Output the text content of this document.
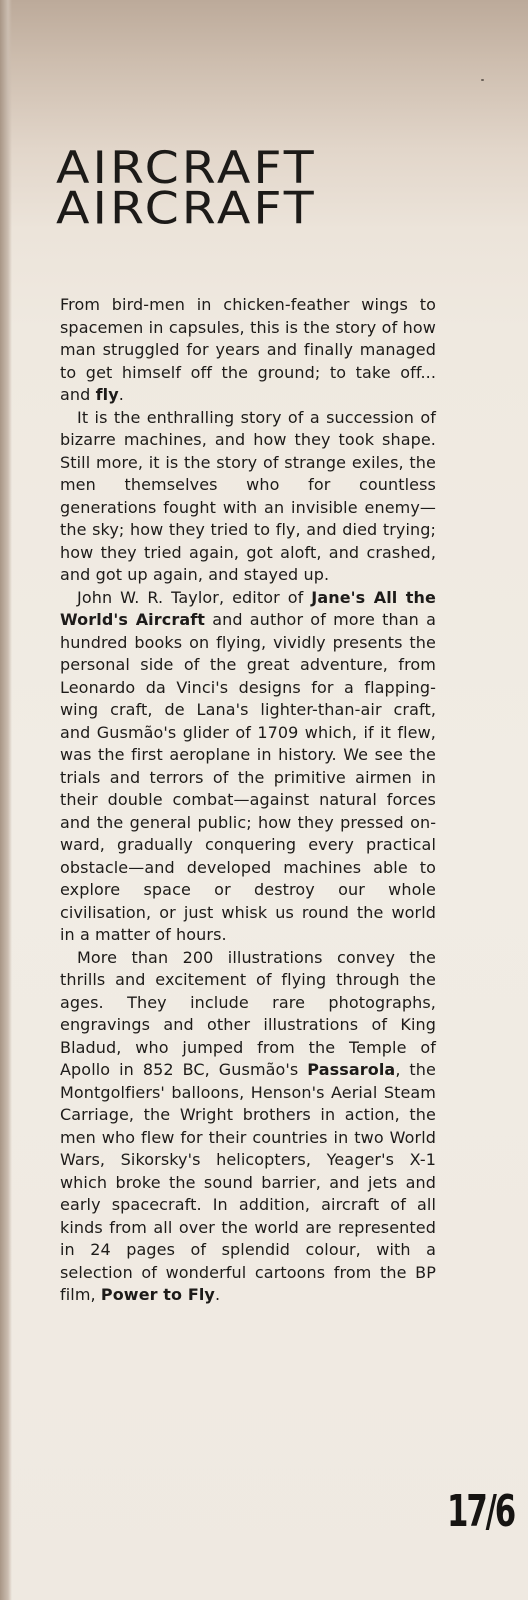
AIRCRAFT
AIRCRAFT

From bird-men in chicken-feather wings to spacemen in capsules, this is the story of how man struggled for years and finally managed to get himself off the ground; to take off... and fly.

It is the enthralling story of a succession of bizarre machines, and how they took shape. Still more, it is the story of strange exiles, the men themselves who for countless generations fought with an invisible enemy—the sky; how they tried to fly, and died trying; how they tried again, got aloft, and crashed, and got up again, and stayed up.

John W. R. Taylor, editor of Jane's All the World's Aircraft and author of more than a hundred books on flying, vividly presents the personal side of the great adventure, from Leonardo da Vinci's designs for a flapping-wing craft, de Lana's lighter-than-air craft, and Gusmão's glider of 1709 which, if it flew, was the first aeroplane in history. We see the trials and terrors of the primitive airmen in their double combat—against natural forces and the general public; how they pressed onward, gradually conquering every practical obstacle—and developed machines able to explore space or destroy our whole civilisation, or just whisk us round the world in a matter of hours.

More than 200 illustrations convey the thrills and excitement of flying through the ages. They include rare photographs, engravings and other illustrations of King Bladud, who jumped from the Temple of Apollo in 852 BC, Gusmão's Passarola, the Montgolfiers' balloons, Henson's Aerial Steam Carriage, the Wright brothers in action, the men who flew for their countries in two World Wars, Sikorsky's helicopters, Yeager's X-1 which broke the sound barrier, and jets and early spacecraft. In addition, aircraft of all kinds from all over the world are represented in 24 pages of splendid colour, with a selection of wonderful cartoons from the BP film, Power to Fly.

17/6
